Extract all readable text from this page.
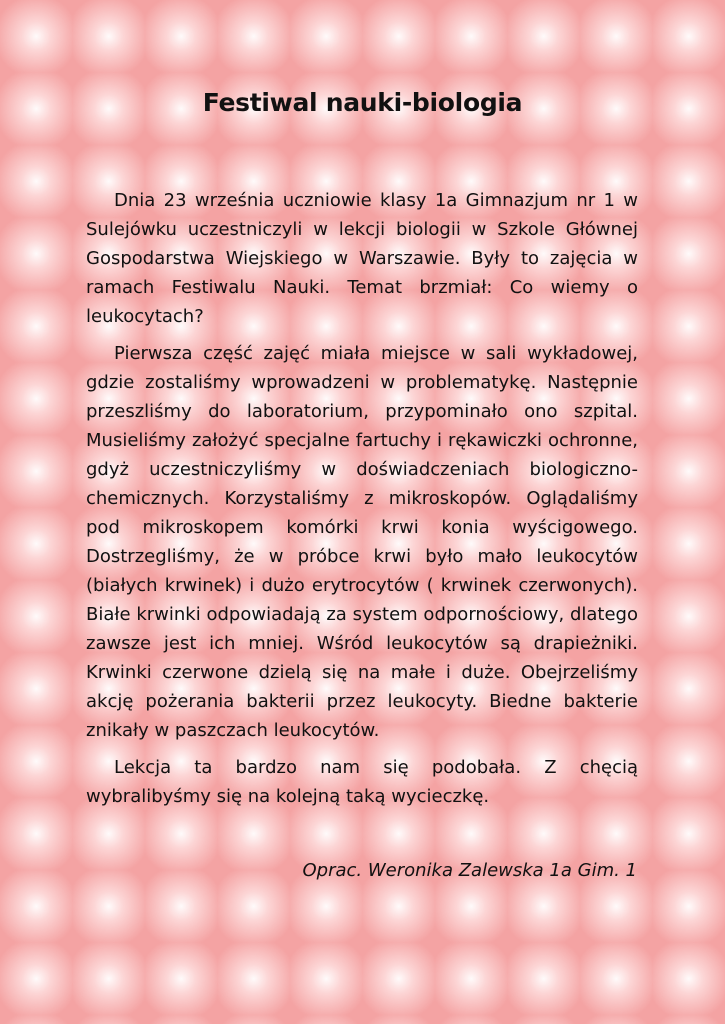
Festiwal nauki-biologia

Dnia 23 września uczniowie klasy 1a Gimnazjum nr 1 w Sulejówku uczestniczyli w lekcji biologii w Szkole Głównej Gospodarstwa Wiejskiego w Warszawie. Były to zajęcia w ramach Festiwalu Nauki. Temat brzmiał: Co wiemy o leukocytach?

Pierwsza część zajęć miała miejsce w sali wykładowej, gdzie zostaliśmy wprowadzeni w problematykę. Następnie przeszliśmy do laboratorium, przypominało ono szpital. Musieliśmy założyć specjalne fartuchy i rękawiczki ochronne, gdyż uczestniczyliśmy w doświadczeniach biologiczno-chemicznych. Korzystaliśmy z mikroskopów. Oglądaliśmy pod mikroskopem komórki krwi konia wyścigowego. Dostrzegliśmy, że w próbce krwi było mało leukocytów (białych krwinek) i dużo erytrocytów ( krwinek czerwonych). Białe krwinki odpowiadają za system odpornościowy, dlatego zawsze jest ich mniej. Wśród leukocytów są drapieżniki. Krwinki czerwone dzielą się na małe i duże. Obejrzeliśmy akcję pożerania bakterii przez leukocyty. Biedne bakterie znikały w paszczach leukocytów.

Lekcja ta bardzo nam się podobała. Z chęcią wybralibyśmy się na kolejną taką wycieczkę.

Oprac. Weronika Zalewska 1a Gim. 1
